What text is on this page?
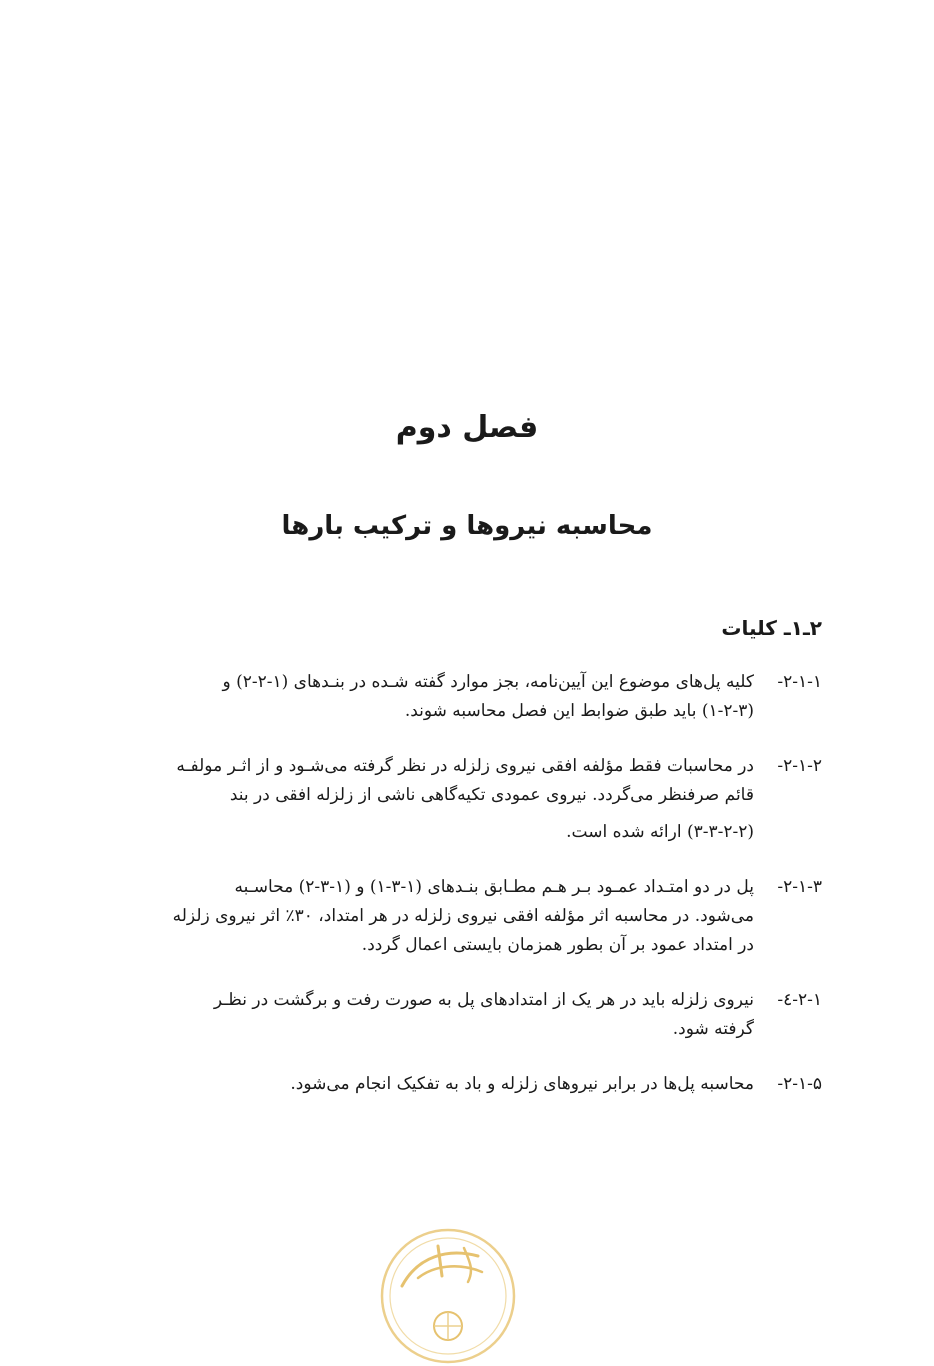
فصل دوم
محاسبه نیروها و ترکیب بارها
۲ـ۱ـ کلیات
۲-۱-۱-
کلیه پل‌های موضوع این آیین‌نامه، بجز موارد گفته شـده در بنـدهای (۱-۲-۲) و
(۱-۲-۳) باید طبق ضوابط این فصل محاسبه شوند.
۲-۱-۲-
در محاسبات فقط مؤلفه افقی نیروی زلزله در نظر گرفته می‌شـود و از اثـر مولفـه
قائم صرفنظر می‌گردد. نیروی عمودی تکیه‌گاهی ناشی از زلزله افقی در بند
(۳-۳-۲-۲) ارائه شده است.
۲-۱-۳-
پل در دو امتـداد عمـود بـر هـم مطـابق بنـدهای (۱-۳-۱) و (۱-۳-۲) محاسـبه
می‌شود. در محاسبه اثر مؤلفه افقی نیروی زلزله در هر امتداد، ۳۰٪ اثر نیروی زلزله
در امتداد عمود بر آن بطور همزمان بایستی اعمال گردد.
۲-۱-٤-
نیروی زلزله باید در هر یک از امتدادهای پل به صورت رفت و برگشت در نظـر
گرفته شود.
۲-۱-۵-
محاسبه پل‌ها در برابر نیروهای زلزله و باد به تفکیک انجام می‌شود.
